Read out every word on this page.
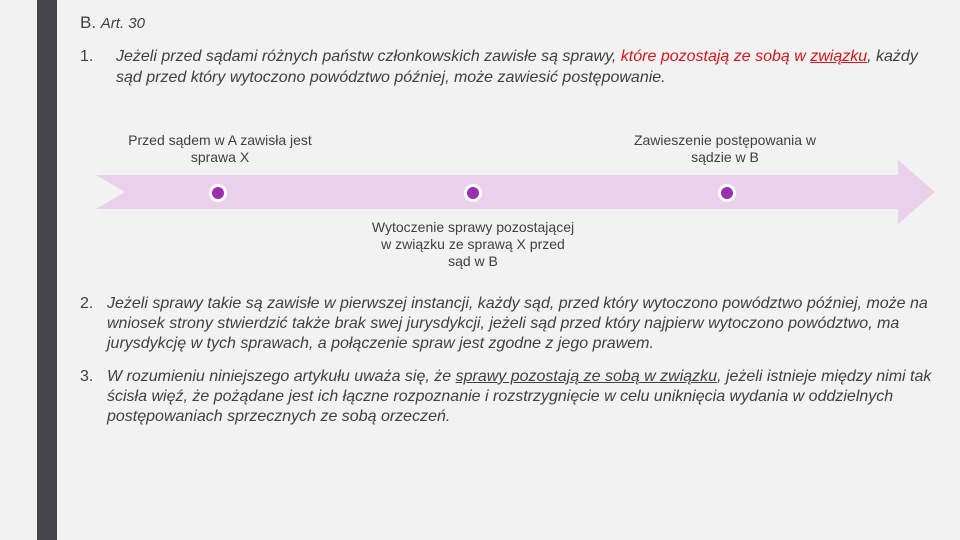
B. Art. 30
1. Jeżeli przed sądami różnych państw członkowskich zawisłe są sprawy, które pozostają ze sobą w związku, każdy sąd przed który wytoczono powództwo później, może zawiesić postępowanie.
Przed sądem w A zawisła jest sprawa X
Zawieszenie postępowania w sądzie w B
Wytoczenie sprawy pozostającej w związku ze sprawą X przed sąd w B
2. Jeżeli sprawy takie są zawisłe w pierwszej instancji, każdy sąd, przed który wytoczono powództwo później, może na wniosek strony stwierdzić także brak swej jurysdykcji, jeżeli sąd przed który najpierw wytoczono powództwo, ma jurysdykcję w tych sprawach, a połączenie spraw jest zgodne z jego prawem.
3. W rozumieniu niniejszego artykułu uważa się, że sprawy pozostają ze sobą w związku, jeżeli istnieje między nimi tak ścisła więź, że pożądane jest ich łączne rozpoznanie i rozstrzygnięcie w celu uniknięcia wydania w oddzielnych postępowaniach sprzecznych ze sobą orzeczeń.
